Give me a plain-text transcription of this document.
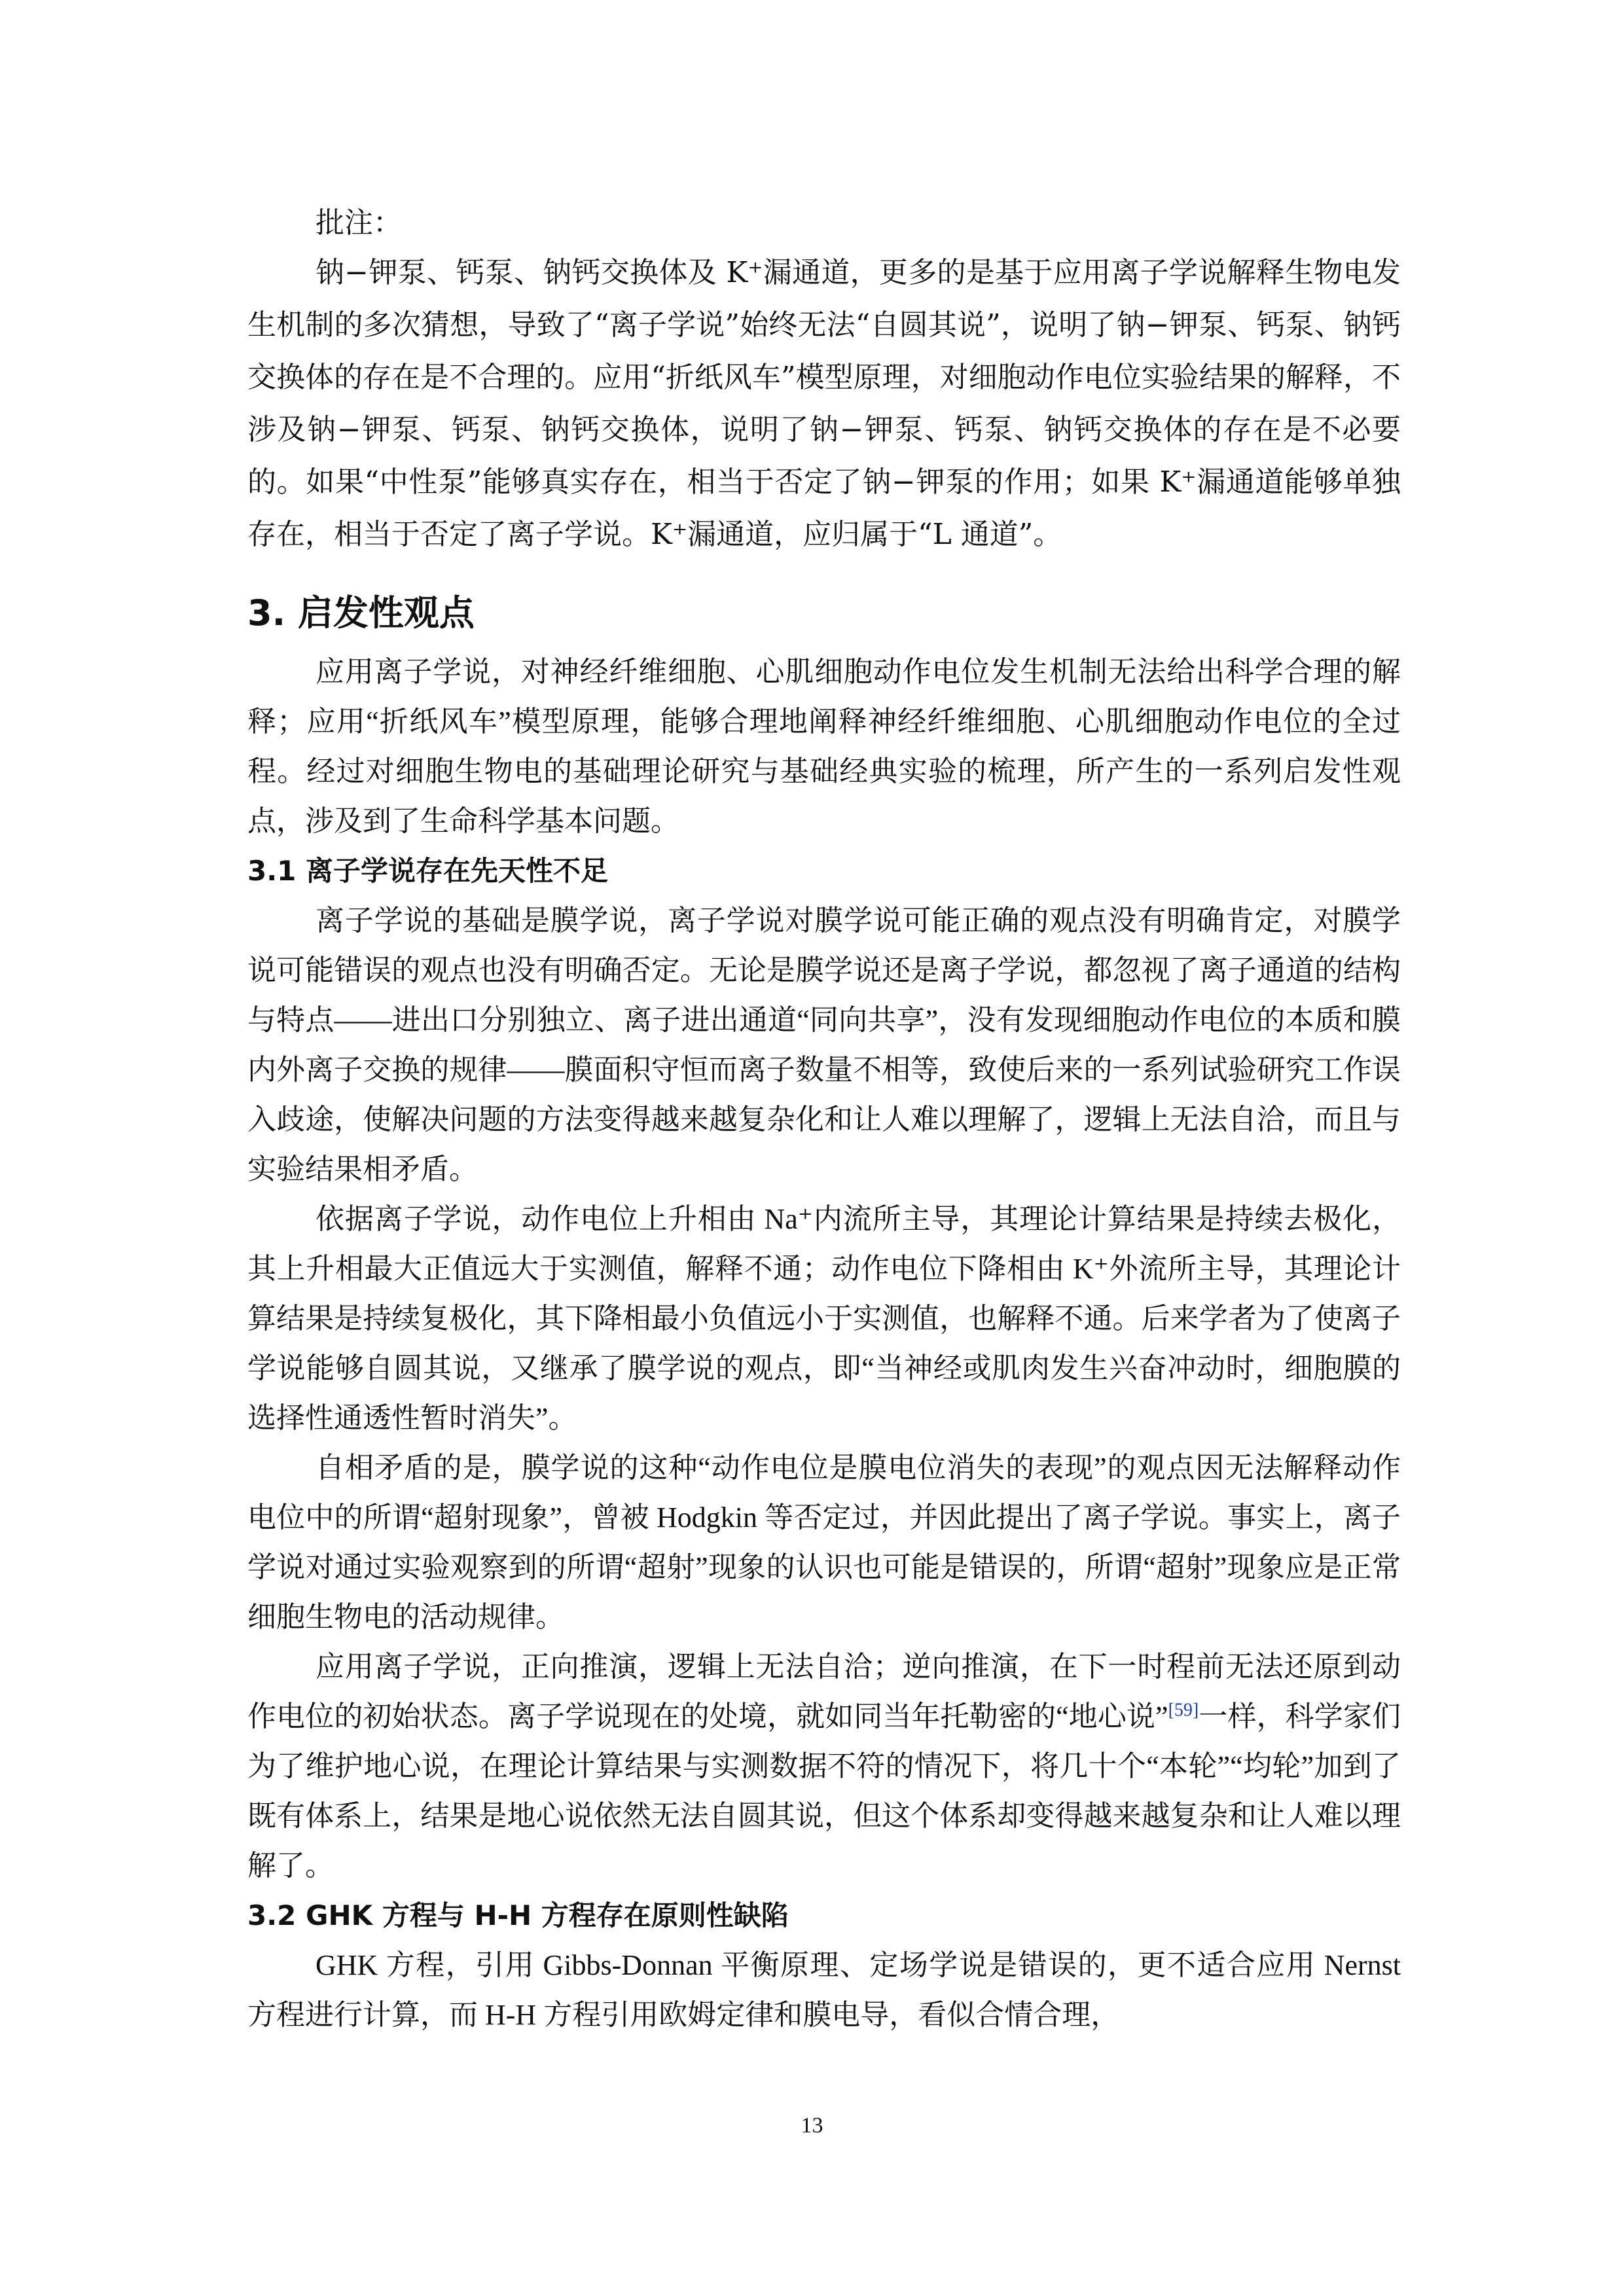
批注：

钠−钾泵、钙泵、钠钙交换体及 K⁺漏通道，更多的是基于应用离子学说解释生物电发生机制的多次猜想，导致了“离子学说”始终无法“自圆其说”，说明了钠−钾泵、钙泵、钠钙交换体的存在是不合理的。应用“折纸风车”模型原理，对细胞动作电位实验结果的解释，不涉及钠−钾泵、钙泵、钠钙交换体，说明了钠−钾泵、钙泵、钠钙交换体的存在是不必要的。如果“中性泵”能够真实存在，相当于否定了钠−钾泵的作用；如果 K⁺漏通道能够单独存在，相当于否定了离子学说。K⁺漏通道，应归属于“L 通道”。

3. 启发性观点

应用离子学说，对神经纤维细胞、心肌细胞动作电位发生机制无法给出科学合理的解释；应用“折纸风车”模型原理，能够合理地阐释神经纤维细胞、心肌细胞动作电位的全过程。经过对细胞生物电的基础理论研究与基础经典实验的梳理，所产生的一系列启发性观点，涉及到了生命科学基本问题。

3.1 离子学说存在先天性不足

离子学说的基础是膜学说，离子学说对膜学说可能正确的观点没有明确肯定，对膜学说可能错误的观点也没有明确否定。无论是膜学说还是离子学说，都忽视了离子通道的结构与特点——进出口分别独立、离子进出通道“同向共享”，没有发现细胞动作电位的本质和膜内外离子交换的规律——膜面积守恒而离子数量不相等，致使后来的一系列试验研究工作误入歧途，使解决问题的方法变得越来越复杂化和让人难以理解了，逻辑上无法自洽，而且与实验结果相矛盾。

依据离子学说，动作电位上升相由 Na⁺内流所主导，其理论计算结果是持续去极化，其上升相最大正值远大于实测值，解释不通；动作电位下降相由 K⁺外流所主导，其理论计算结果是持续复极化，其下降相最小负值远小于实测值，也解释不通。后来学者为了使离子学说能够自圆其说，又继承了膜学说的观点，即“当神经或肌肉发生兴奋冲动时，细胞膜的选择性通透性暂时消失”。

自相矛盾的是，膜学说的这种“动作电位是膜电位消失的表现”的观点因无法解释动作电位中的所谓“超射现象”，曾被 Hodgkin 等否定过，并因此提出了离子学说。事实上，离子学说对通过实验观察到的所谓“超射”现象的认识也可能是错误的，所谓“超射”现象应是正常细胞生物电的活动规律。

应用离子学说，正向推演，逻辑上无法自洽；逆向推演，在下一时程前无法还原到动作电位的初始状态。离子学说现在的处境，就如同当年托勒密的“地心说”[59]一样，科学家们为了维护地心说，在理论计算结果与实测数据不符的情况下，将几十个“本轮”“均轮”加到了既有体系上，结果是地心说依然无法自圆其说，但这个体系却变得越来越复杂和让人难以理解了。

3.2 GHK 方程与 H-H 方程存在原则性缺陷

GHK 方程，引用 Gibbs-Donnan 平衡原理、定场学说是错误的，更不适合应用 Nernst 方程进行计算，而 H-H 方程引用欧姆定律和膜电导，看似合情合理，

13
